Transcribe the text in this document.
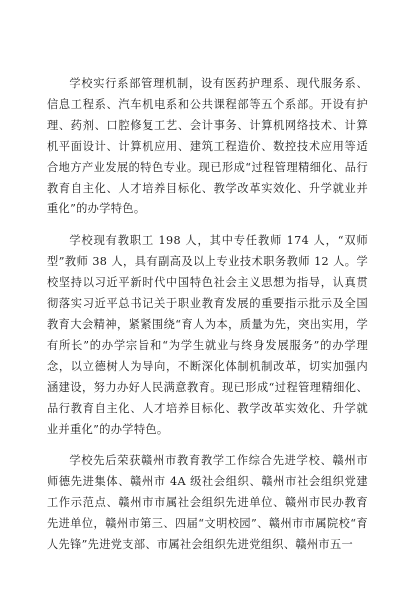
学校实行系部管理机制，设有医药护理系、现代服务系、信息工程系、汽车机电系和公共课程部等五个系部。开设有护理、药剂、口腔修复工艺、会计事务、计算机网络技术、计算机平面设计、计算机应用、建筑工程造价、数控技术应用等适合地方产业发展的特色专业。现已形成“过程管理精细化、品行教育自主化、人才培养目标化、教学改革实效化、升学就业并重化”的办学特色。

学校现有教职工 198 人，其中专任教师 174 人，“双师型”教师 38 人，具有副高及以上专业技术职务教师 12 人。学校坚持以习近平新时代中国特色社会主义思想为指导，认真贯彻落实习近平总书记关于职业教育发展的重要指示批示及全国教育大会精神，紧紧围绕“育人为本，质量为先，突出实用，学有所长”的办学宗旨和“为学生就业与终身发展服务”的办学理念，以立德树人为导向，不断深化体制机制改革，切实加强内涵建设，努力办好人民满意教育。现已形成“过程管理精细化、品行教育自主化、人才培养目标化、教学改革实效化、升学就业并重化”的办学特色。

学校先后荣获赣州市教育教学工作综合先进学校、赣州市师德先进集体、赣州市 4A 级社会组织、赣州市社会组织党建工作示范点、赣州市市属社会组织先进单位、赣州市民办教育先进单位，赣州市第三、四届“文明校园”、赣州市市属院校“育人先锋”先进党支部、市属社会组织先进党组织、赣州市五一
